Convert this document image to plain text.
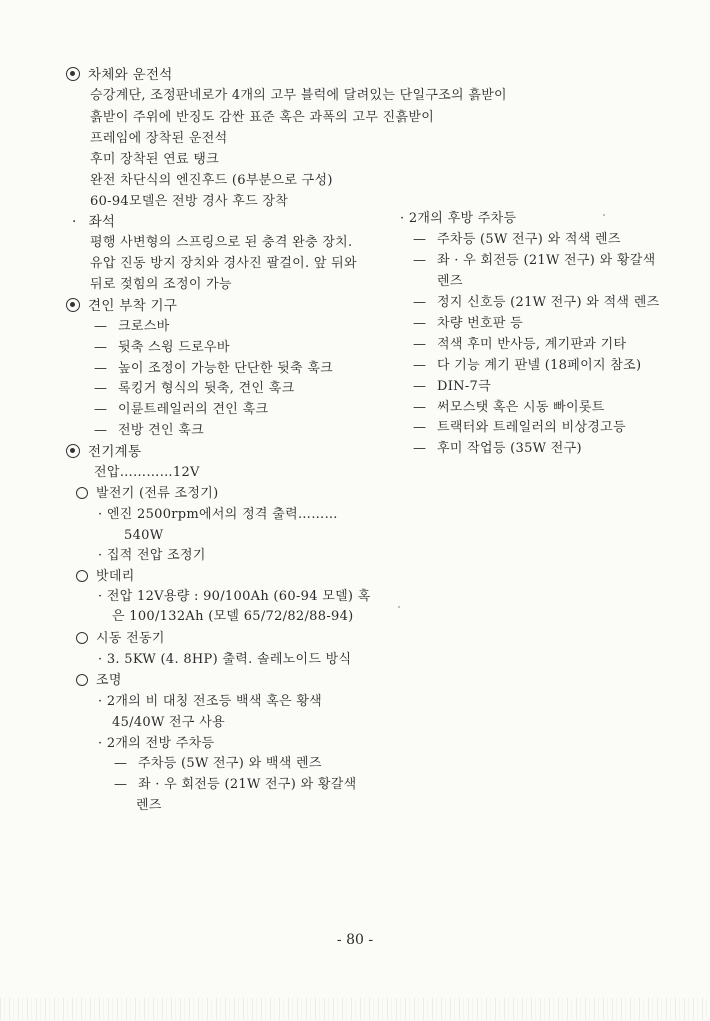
차체와 운전석
승강계단, 조정판네로가 4개의 고무 블럭에 달려있는 단일구조의 흙받이
흙받이 주위에 반징도 감싼 표준 혹은 과폭의 고무 진흙받이
프레임에 장착된 운전석
후미 장착된 연료 탱크
완전 차단식의 엔진후드 (6부분으로 구성)
60-94모델은 전방 경사 후드 장착
· 좌석
평행 사변형의 스프링으로 된 충격 완충 장치.
유압 진동 방지 장치와 경사진 팔걸이. 앞 뒤와
뒤로 젖힘의 조정이 가능
견인 부착 기구
— 크로스바
— 뒷축 스윙 드로우바
— 높이 조정이 가능한 단단한 뒷축 훅크
— 록킹거 형식의 뒷축, 견인 훅크
— 이륜트레일러의 견인 훅크
— 전방 견인 훅크
전기계통
전압…………12V
발전기 (전류 조정기)
· 엔진 2500rpm에서의 정격 출력………
540W
· 집적 전압 조정기
밧데리
· 전압 12V용량 : 90/100Ah (60-94 모델) 혹
은 100/132Ah (모델 65/72/82/88-94)
시동 전동기
· 3. 5KW (4. 8HP) 출력. 솔레노이드 방식
조명
· 2개의 비 대칭 전조등 백색 혹은 황색
45/40W 전구 사용
· 2개의 전방 주차등
— 주차등 (5W 전구) 와 백색 렌즈
— 좌 · 우 회전등 (21W 전구) 와 황갈색
렌즈
· 2개의 후방 주차등
— 주차등 (5W 전구) 와 적색 렌즈
— 좌 · 우 회전등 (21W 전구) 와 황갈색
렌즈
— 정지 신호등 (21W 전구) 와 적색 렌즈
— 차량 번호판 등
— 적색 후미 반사등, 계기판과 기타
— 다 기능 계기 판넬 (18페이지 참조)
— DIN-7극
— 써모스탯 혹은 시동 빠이롯트
— 트랙터와 트레일러의 비상경고등
— 후미 작업등 (35W 전구)
- 80 -
